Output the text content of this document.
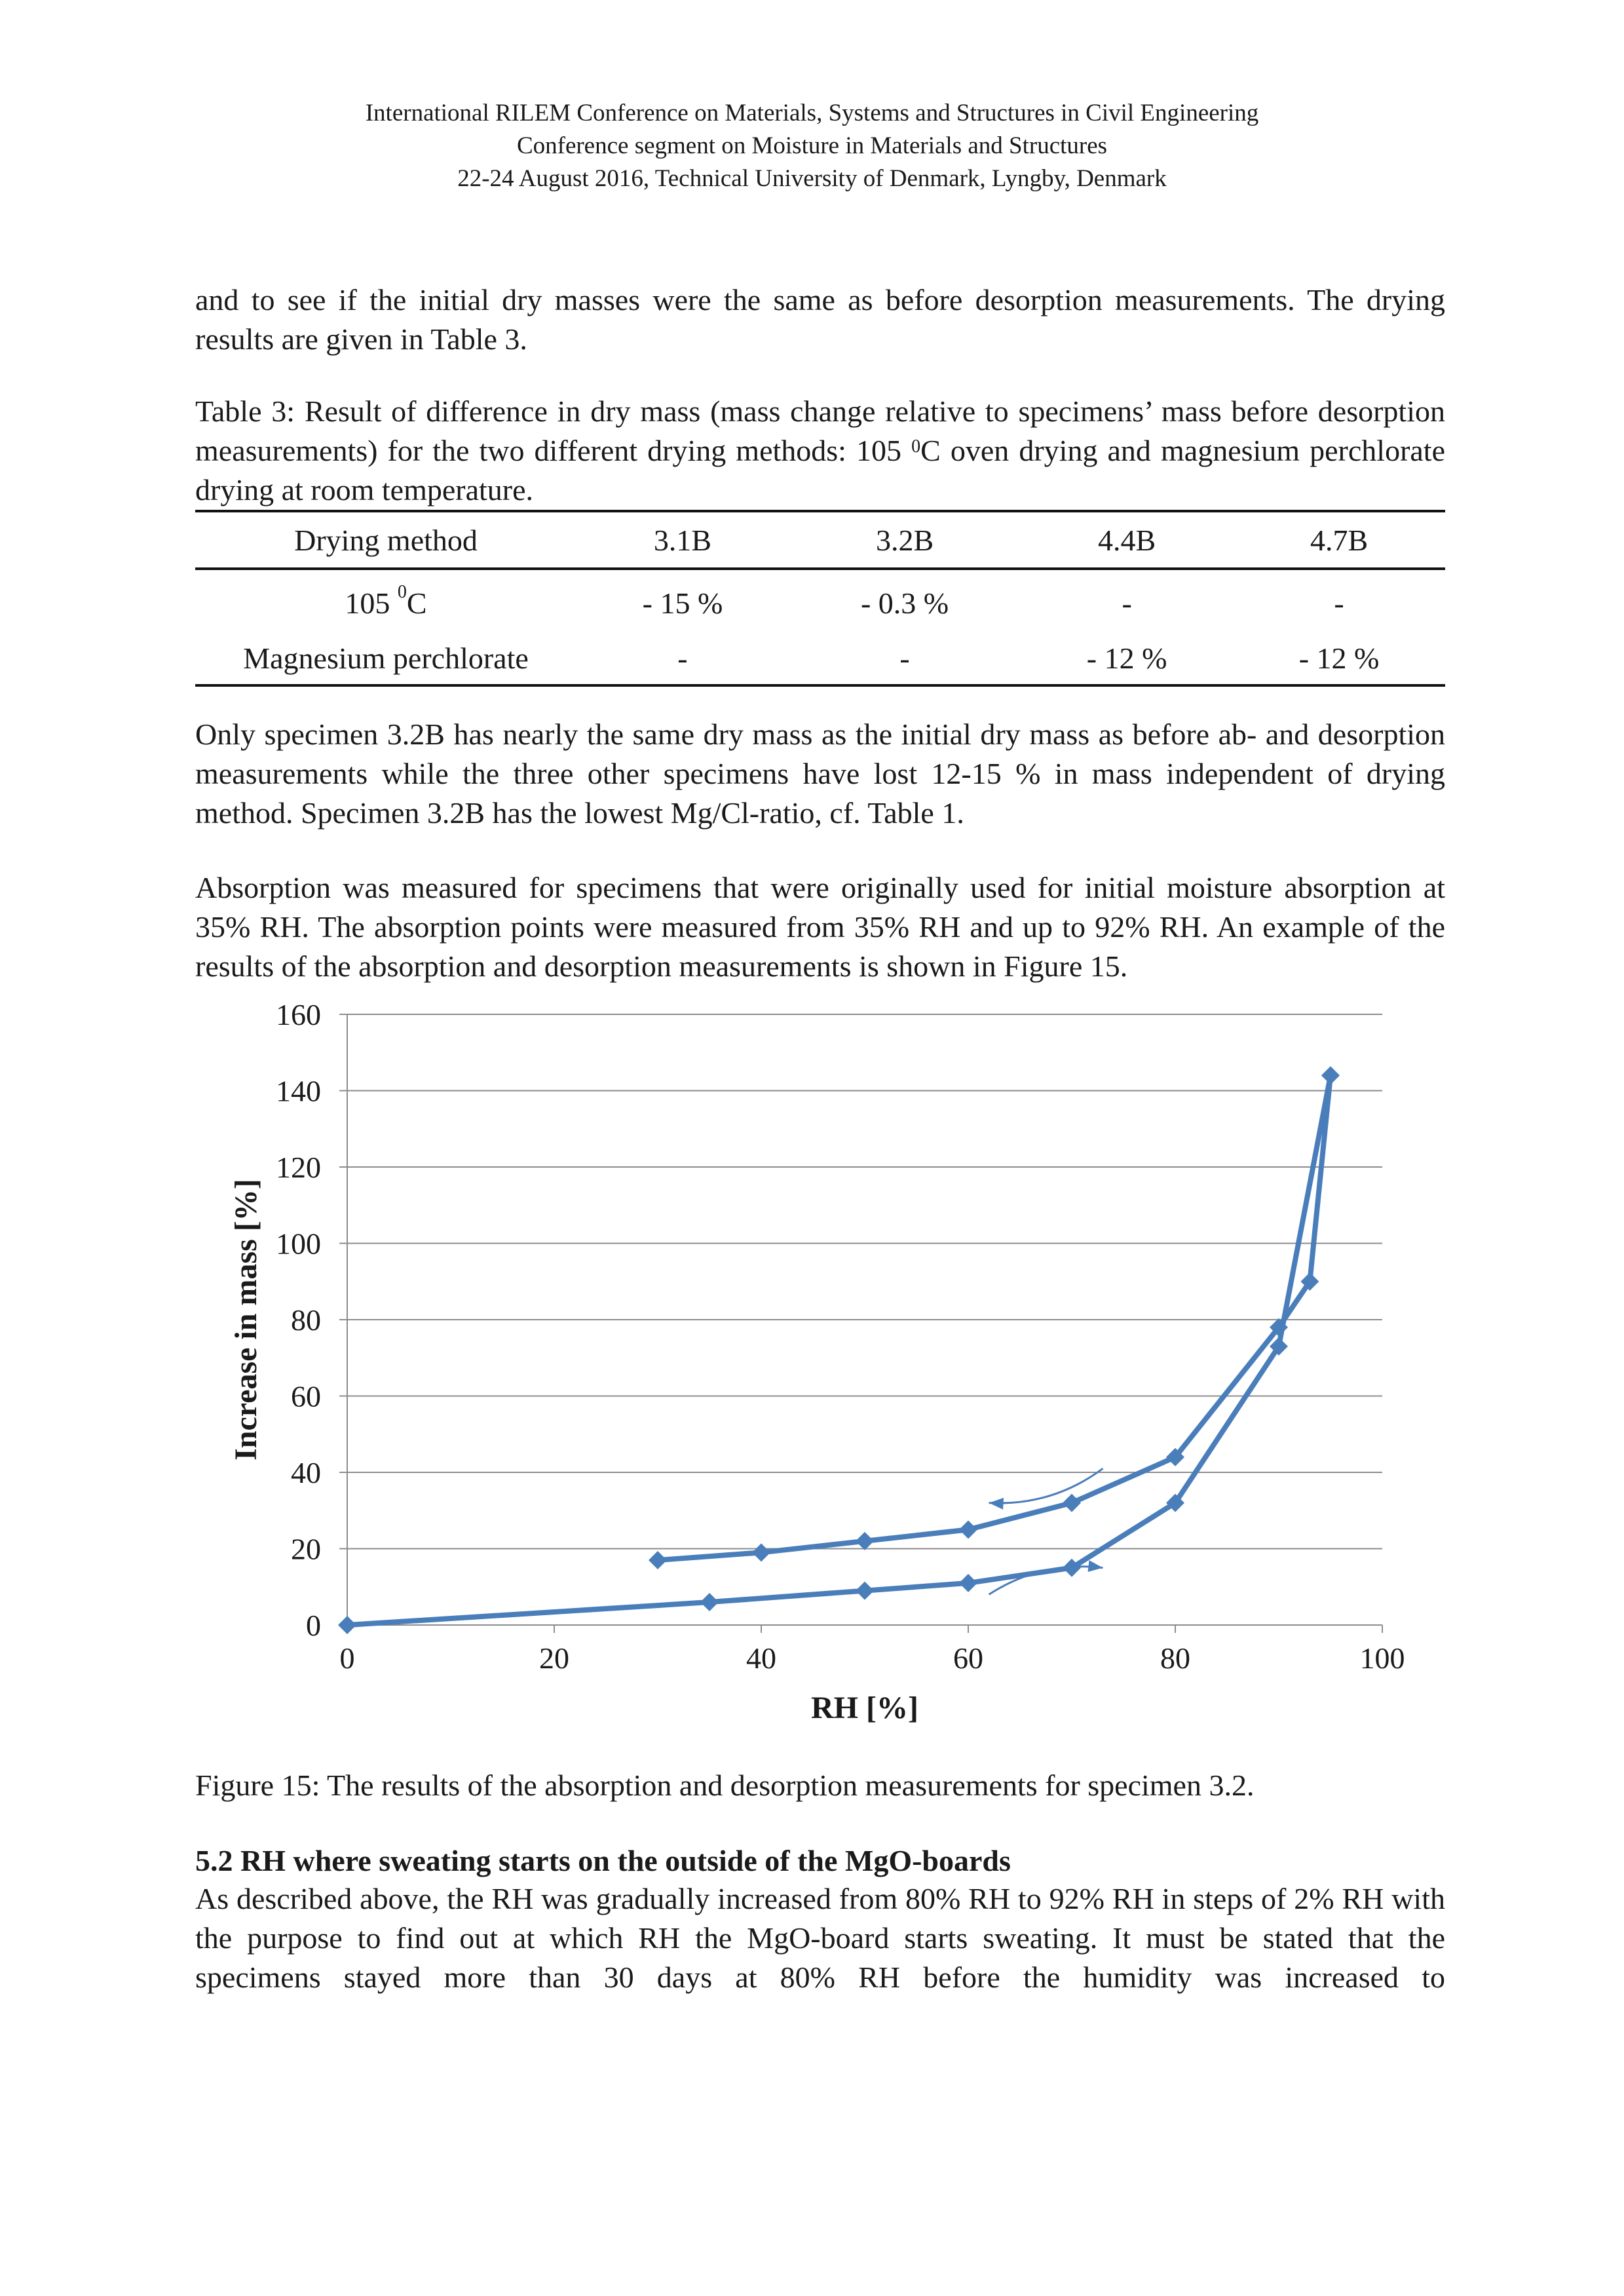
International RILEM Conference on Materials, Systems and Structures in Civil Engineering
Conference segment on Moisture in Materials and Structures
22-24 August 2016, Technical University of Denmark, Lyngby, Denmark
and to see if the initial dry masses were the same as before desorption measurements. The drying results are given in Table 3.
Table 3: Result of difference in dry mass (mass change relative to specimens’ mass before desorption measurements) for the two different drying methods: 105 $^0$C oven drying and magnesium perchlorate drying at room temperature.
Drying method	3.1B	3.2B	4.4B	4.7B
105 $^0$C	- 15 %	- 0.3 %	-	-
Magnesium perchlorate	-	-	- 12 %	- 12 %
Only specimen 3.2B has nearly the same dry mass as the initial dry mass as before ab- and desorption measurements while the three other specimens have lost 12-15 % in mass independent of drying method. Specimen 3.2B has the lowest Mg/Cl-ratio, cf. Table 1.
Absorption was measured for specimens that were originally used for initial moisture absorption at 35% RH. The absorption points were measured from 35% RH and up to 92% RH. An example of the results of the absorption and desorption measurements is shown in Figure 15.
0
20
40
60
80
100
120
140
160
0	20	40	60	80	100
RH [%]
Increase in mass [%]
Figure 15: The results of the absorption and desorption measurements for specimen 3.2.
5.2 RH where sweating starts on the outside of the MgO-boards
As described above, the RH was gradually increased from 80% RH to 92% RH in steps of 2% RH with the purpose to find out at which RH the MgO-board starts sweating. It must be stated that the specimens stayed more than 30 days at 80% RH before the humidity was increased to
